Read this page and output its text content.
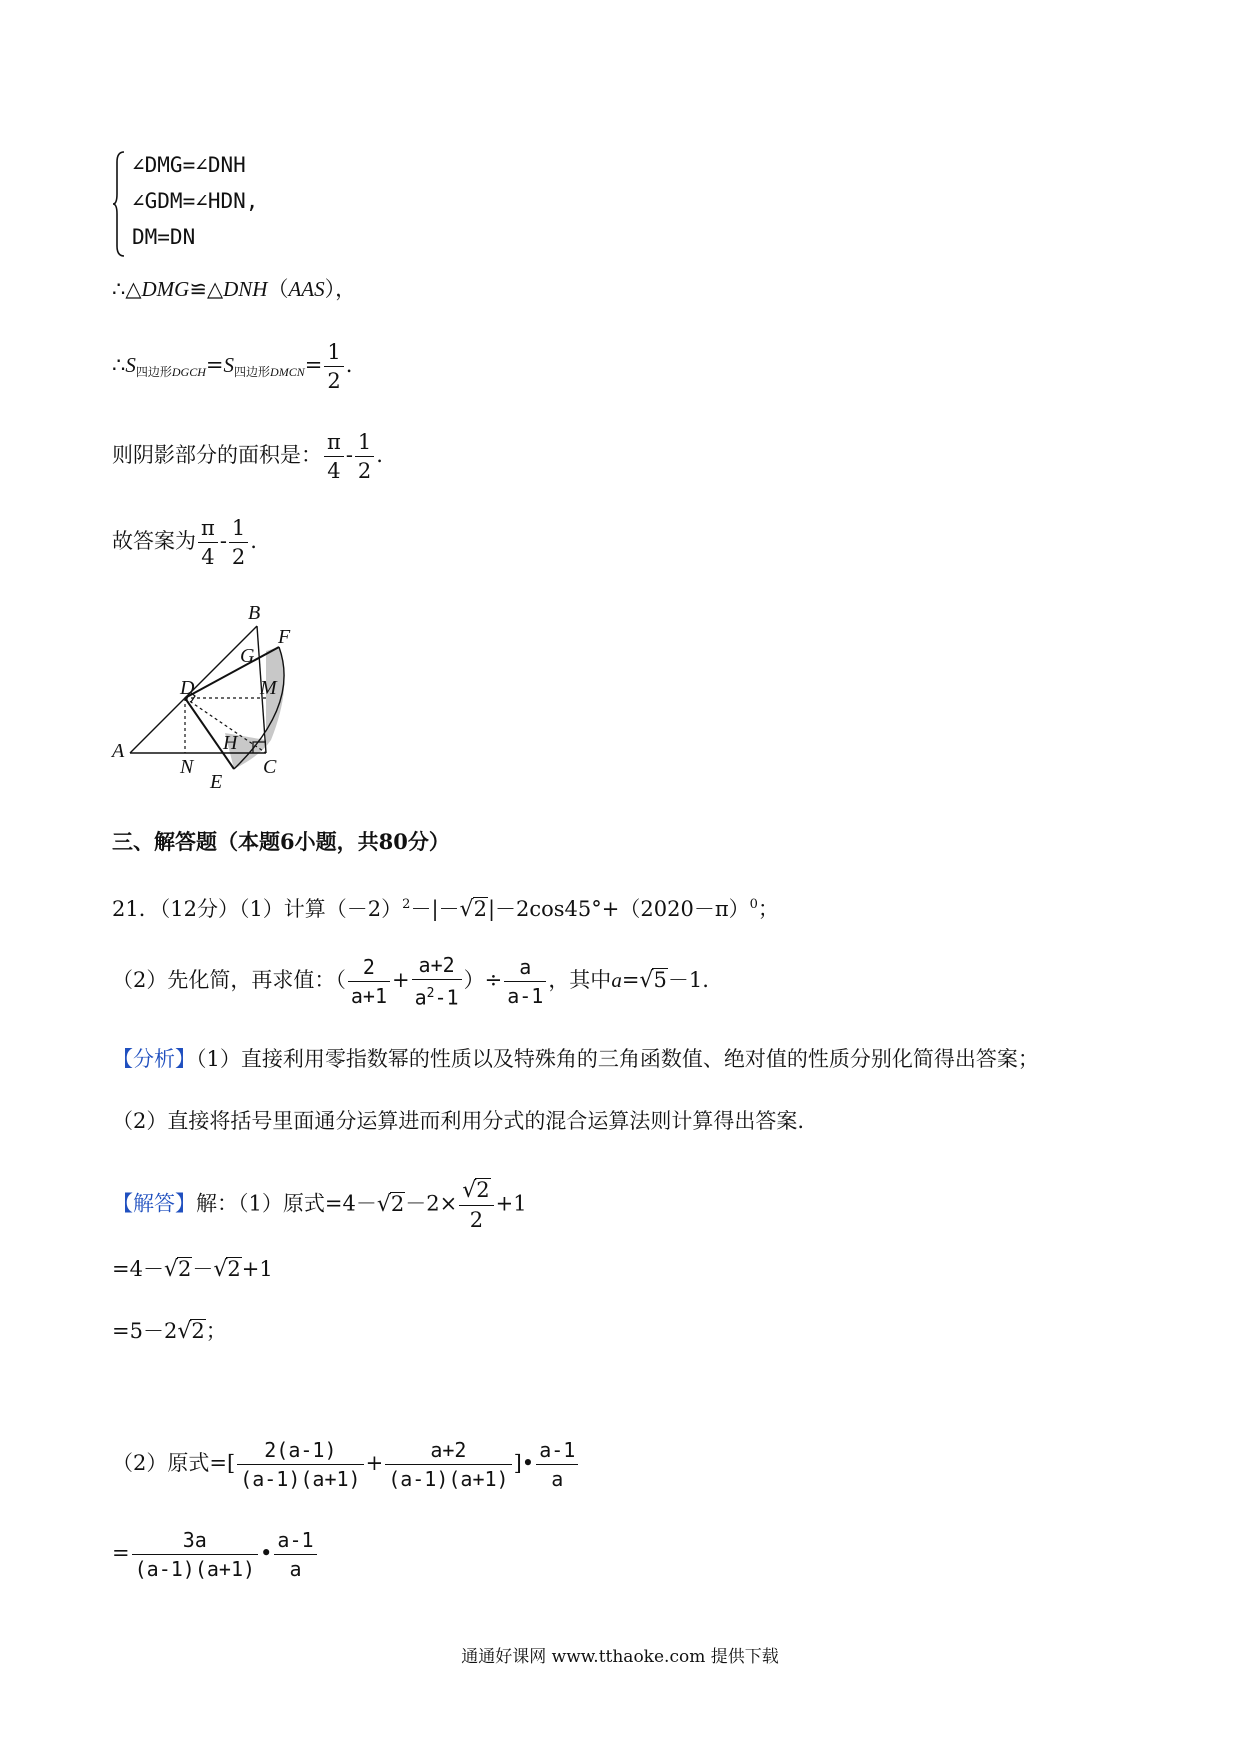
∠DMG=∠DNH
∠GDM=∠HDN,
DM=DN
∴△DMG≌△DNH（AAS），
∴S四边形DGCH=S四边形DMCN= $\frac{1}{2}$ .
则阴影部分的面积是： $\frac{\pi}{4} - \frac{1}{2}$ .
故答案为 $\frac{\pi}{4} - \frac{1}{2}$ .
A
B
C
D
E
F
G
H
M
N
三、解答题（本题6小题，共80分）
21．（12分）（1）计算$(-2)^2-|-√2|-2\cos 45^\circ+(2020-\pi)^0$；
（2）先化简，再求值：（ $\frac{2}{a+1} + \frac{a+2}{a^2-1}$ ）÷ $\frac{a}{a-1}$ ，其中a=√5－1.
【分析】（1）直接利用零指数幂的性质以及特殊角的三角函数值、绝对值的性质分别化简得出答案；
（2）直接将括号里面通分运算进而利用分式的混合运算法则计算得出答案.
【解答】解：（1）原式$=4-√2-2\times \frac{√2}{2} +1$
=4－√2－√2+1
=5－2√2；
（2）原式=[ $\frac{2(a-1)}{(a-1)(a+1)} + \frac{a+2}{(a-1)(a+1)}$ ]• $\frac{a-1}{a}$
= $\frac{3a}{(a-1)(a+1)}$ • $\frac{a-1}{a}$
通通好课网 www.tthaoke.com 提供下载
